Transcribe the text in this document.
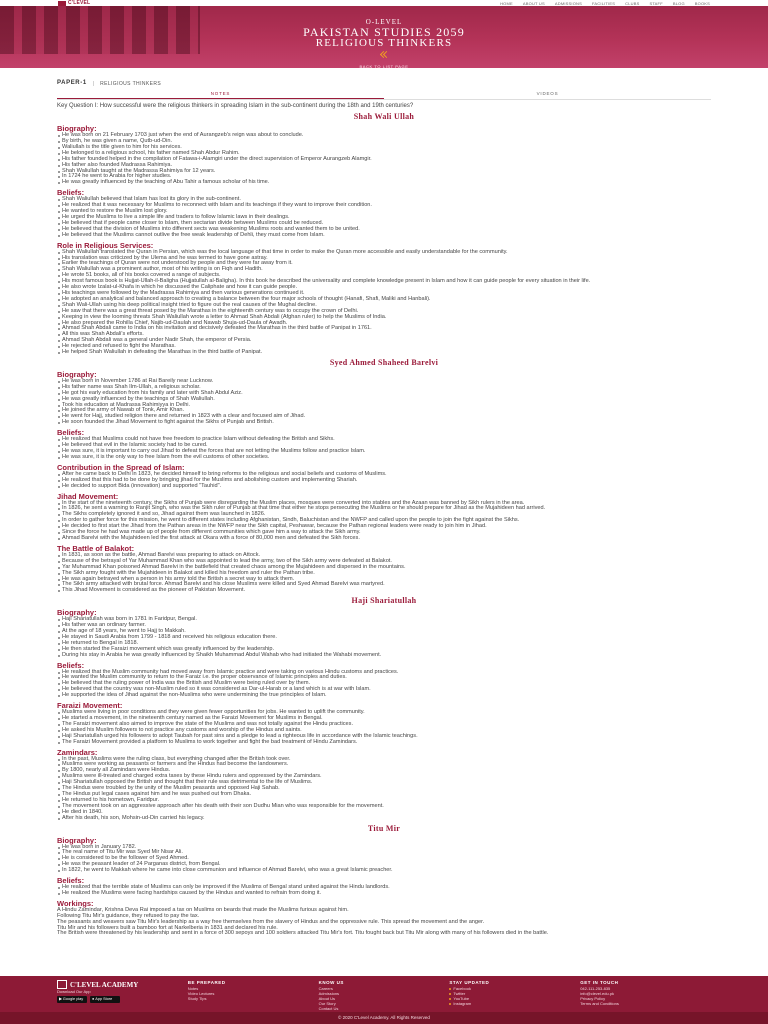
C'LEVEL	HOME	ABOUT US	ADMISSIONS	FACILITIES	CLUBS	STAFF	BLOG	BOOKS
O-LEVEL
PAKISTAN STUDIES 2059
RELIGIOUS THINKERS
BACK TO LIST PAGE
PAPER-1 | RELIGIOUS THINKERS
NOTES	VIDEOS
Key Question I: How successful were the religious thinkers in spreading Islam in the sub-continent during the 18th and 19th centuries?
Shah Wali Ullah
Biography:
He was born on 21 February 1703 just when the end of Aurangzeb's reign was about to conclude.
By birth, he was given a name, Qutb-ud-Din.
Waliullah is the title given to him for his services.
He belonged to a religious school, his father named Shah Abdur Rahim.
His father founded helped in the compilation of Fatawa-i-Alamgiri under the direct supervision of Emperor Aurangzeb Alamgir.
His father also founded Madrassa Rahimiya.
Shah Waliullah taught at the Madrassa Rahimiya for 12 years.
In 1724 he went to Arabia for higher studies.
He was greatly influenced by the teaching of Abu Tahir a famous scholar of his time.
Beliefs:
Shah Waliullah believed that Islam has lost its glory in the sub-continent.
He realized that it was necessary for Muslims to reconnect with Islam and its teachings if they want to improve their condition.
He wanted to restore the Muslim lost glory.
He urged the Muslims to live a simple life and traders to follow Islamic laws in their dealings.
He believed that if people came closer to Islam, then sectarian divide between Muslims could be reduced.
He believed that the division of Muslims into different sects was weakening Muslims roots and wanted them to be united.
He believed that the Muslims cannot outlive the free weak leadership of Dehli, they must come from Islam.
Role in Religious Services:
Shah Waliullah translated the Quran in Persian, which was the local language of that time in order to make the Quran more accessible and easily understandable for the community.
His translation was criticized by the Ulema and he was termed to have gone astray.
Earlier the teachings of Quran were not understood by people and they were far away from it.
Shah Waliullah was a prominent author, most of his writing is on Fiqh and Hadith.
He wrote 51 books, all of his books covered a range of subjects.
His most famous book is Hujjat-Ullah-il-Baligha (Hujjatullah al-Baligha). In this book he described the universality and complete knowledge present in Islam and how it can guide people for every situation in their life.
He also wrote Izalat-ul-Khafa in which he discussed the Caliphate and how it can guide people.
His teachings were followed by the Madrassa Rahimiya and then various generations continued it.
He adopted an analytical and balanced approach to creating a balance between the four major schools of thought (Hanafi, Shafi, Maliki and Hanbali).
Shah Wali-Ullah using his deep political insight tried to figure out the real causes of the Mughal decline.
He saw that there was a great threat posed by the Marathas in the eighteenth century was to occupy the crown of Delhi.
Keeping in view the looming threats Shah Waliullah wrote a letter to Ahmad Shah Abdali (Afghan ruler) to help the Muslims of India.
He also prepared the Rohilla Chief, Najib-ud-Daulah and Nawab Shuja-ud-Daula of Awadh.
Ahmad Shah Abdali came to India on his invitation and decisively defeated the Marathas in the third battle of Panipat in 1761.
All this was Shah Abdali's efforts.
Ahmad Shah Abdali was a general under Nadir Shah, the emperor of Persia.
He rejected and refused to fight the Marathas.
He helped Shah Waliullah in defeating the Marathas in the third battle of Panipat.
Syed Ahmed Shaheed Barelvi
Biography:
He was born in November 1786 at Rai Bareily near Lucknow.
His father name was Shah Ilm-Ullah, a religious scholar.
He got his early education from his family and later with Shah Abdul Aziz.
He was greatly influenced by the teachings of Shah Waliullah.
Took his education at Madrassa Rahimiyya in Delhi.
He joined the army of Nawab of Tonk, Amir Khan.
He went for Hajj, studied religion there and returned in 1823 with a clear and focused aim of Jihad.
He soon founded the Jihad Movement to fight against the Sikhs of Punjab and British.
Beliefs:
He realized that Muslims could not have free freedom to practice Islam without defeating the British and Sikhs.
He believed that evil in the Islamic society had to be cured.
He was sure, it is important to carry out Jihad to defeat the forces that are not letting the Muslims follow and practice Islam.
He was sure, it is the only way to free Islam from the evil customs of other societies.
Contribution in the Spread of Islam:
After he came back to Delhi in 1823, he decided himself to bring reforms to the religious and social beliefs and customs of Muslims.
He realized that this had to be done by bringing jihad for the Muslims and abolishing custom and implementing Shariah.
He decided to support Bida (innovation) and supported "Tauhid".
Jihad Movement:
In the start of the nineteenth century, the Sikhs of Punjab were disregarding the Muslim places, mosques were converted into stables and the Azaan was banned by Sikh rulers in the area.
In 1826, he sent a warning to Ranjit Singh, who was the Sikh ruler of Punjab at that time that either he stops persecuting the Muslims or he should prepare for Jihad as the Mujahideen had arrived.
The Sikhs completely ignored it and so, Jihad against them was launched in 1826.
In order to gather force for this mission, he went to different states including Afghanistan, Sindh, Baluchistan and the NWFP and called upon the people to join the fight against the Sikhs.
He decided to first start the Jihad from the Pathan areas in the NWFP near the Sikh capital, Peshawar, because the Pathan regional leaders were ready to join him in Jihad.
Since the force he had was made up of people from different communities which gave him a way to attack the Sikh army.
Ahmad Barelvi with the Mujahideen led the first attack at Okara with a force of 80,000 men and defeated the Sikh forces.
The Battle of Balakot:
In 1831, as soon as the battle, Ahmad Barelvi was preparing to attack on Attock.
Because of the betrayal of Yar Muhammad Khan who was appointed to lead the army, two of the Sikh army were defeated at Balakot.
Yar Muhammad Khan poisoned Ahmad Barelvi in the battlefield that created chaos among the Mujahideen and dispersed in the mountains.
The Sikh army fought with the Mujahideen in Balakot and killed his freedom and ruler the Pathan tribe.
He was again betrayed when a person in his army told the British a secret way to attack them.
The Sikh army attacked with brutal force. Ahmad Barelvi and his close Muslims were killed and Syed Ahmad Barelvi was martyred.
This Jihad Movement is considered as the pioneer of Pakistan Movement.
Haji Shariatullah
Biography:
Haji Shariatullah was born in 1781 in Faridpur, Bengal.
His father was an ordinary farmer.
At the age of 18 years, he went to Hajj to Makkah.
He stayed in Saudi Arabia from 1799 - 1818 and received his religious education there.
He returned to Bengal in 1818.
He then started the Faraizi movement which was greatly influenced by the leadership.
During his stay in Arabia he was greatly influenced by Shaikh Muhammad Abdul Wahab who had initiated the Wahabi movement.
Beliefs:
He realized that the Muslim community had moved away from Islamic practice and were taking on various Hindu customs and practices.
He wanted the Muslim community to return to the Faraiz i.e. the proper observance of Islamic principles and duties.
He believed that the ruling power of India was the British and Muslim were being ruled over by them.
He believed that the country was non-Muslim ruled so it was considered as Dar-ul-Harab or a land which is at war with Islam.
He supported the idea of Jihad against the non-Muslims who were undermining the true principles of Islam.
Faraizi Movement:
Muslims were living in poor conditions and they were given fewer opportunities for jobs. He wanted to uplift the community.
He started a movement, in the nineteenth century named as the Faraizi Movement for Muslims in Bengal.
The Faraizi movement also aimed to improve the state of the Muslims and was not totally against the Hindu practices.
He asked his Muslim followers to not practice any customs and worship of the Hindus and saints.
Haji Shariatullah urged his followers to adopt Taubah for past sins and a pledge to lead a righteous life in accordance with the Islamic teachings.
The Faraizi Movement provided a platform to Muslims to work together and fight the bad treatment of Hindu Zamindars.
Zamindars:
In the past, Muslims were the ruling class, but everything changed after the British took over.
Muslims were working as peasants or farmers and the Hindus had become the landowners.
By 1800, nearly all Zamindars were Hindus.
Muslims were ill-treated and charged extra taxes by these Hindu rulers and oppressed by the Zamindars.
Haji Shariatullah opposed the British and thought that their rule was detrimental to the life of Muslims.
The Hindus were troubled by the unity of the Muslim peasants and opposed Haji Sahab.
The Hindus put legal cases against him and he was pushed out from Dhaka.
He returned to his hometown, Faridpur.
The movement took on an aggressive approach after his death with their son Dudhu Mian who was responsible for the movement.
He died in 1840.
After his death, his son, Mohsin-ud-Din carried his legacy.
Titu Mir
Biography:
He was born in January 1782.
The real name of Titu Mir was Syed Mir Nisar Ali.
He is considered to be the follower of Syed Ahmed.
He was the peasant leader of 24 Parganas district, from Bengal.
In 1822, he went to Makkah where he came into close communion and influence of Ahmad Barelvi, who was a great Islamic preacher.
Beliefs:
He realized that the terrible state of Muslims can only be improved if the Muslims of Bengal stand united against the Hindu landlords.
He realized the Muslims were facing hardships caused by the Hindus and wanted to refrain from doing it.
Workings:

A Hindu Zamindar, Krishna Deva Rai imposed a tax on Muslims on beards that made the Muslims furious against him.

Following Titu Mir's guidance, they refused to pay the tax.

The peasants and weavers saw Titu Mir's leadership as a way free themselves from the slavery of Hindus and the oppressive rule. This spread the movement and the anger.

Titu Mir and his followers built a bamboo fort at Narkelberia in 1831 and declared his rule.

The British were threatened by his leadership and sent in a force of 300 sepoys and 100 soldiers attacked Titu Mir's fort. Titu fought back but Titu Mir along with many of his followers died in the battle.

C'LEVEL ACADEMY
Download Our App
▶ Google play ● App Store
BE PREPARED
Notes
Video Lectures
Study Tips
KNOW US
Careers
Admissions
About Us
Our Story
Contact Us
STAY UPDATED
Facebook
Twitter
YouTube
Instagram
GET IN TOUCH
042-111-253-835
info@clevel.edu.pk
Privacy Policy
Terms and Conditions
© 2020 C'Level Academy. All Rights Reserved
